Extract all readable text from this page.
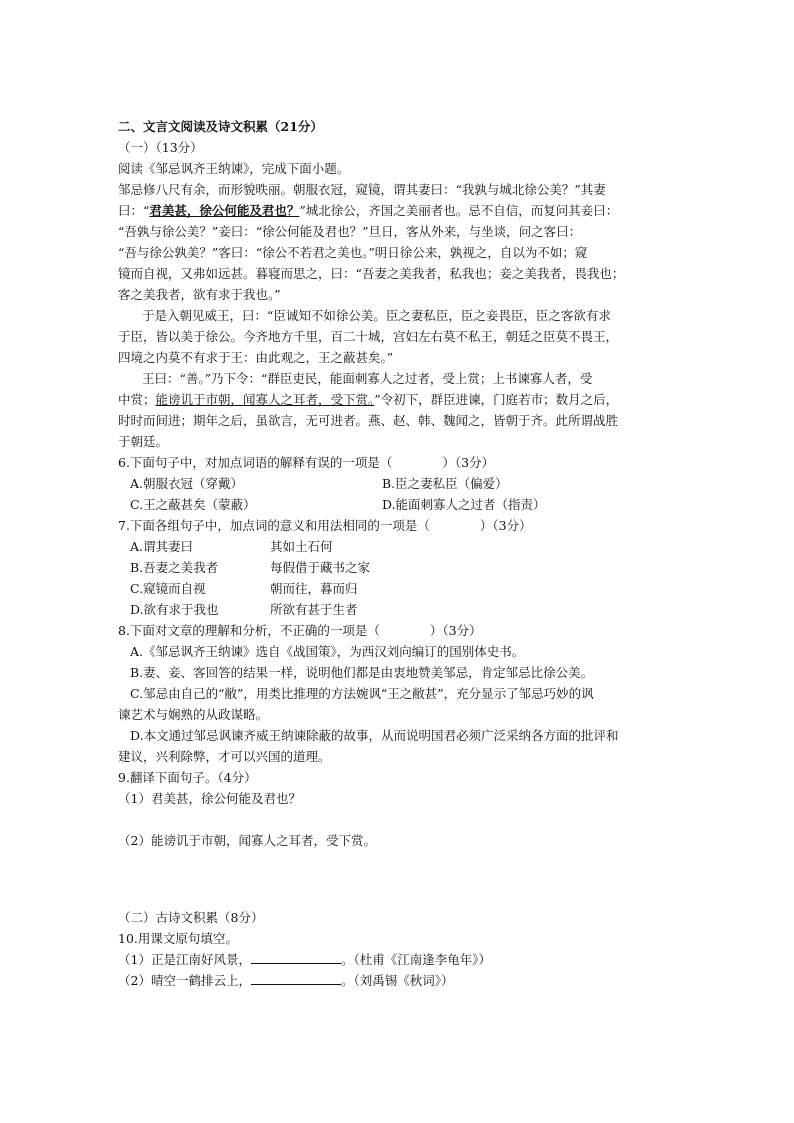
二、文言文阅读及诗文积累（21分）
（一）（13分）
阅读《邹忌讽齐王纳谏》，完成下面小题。
邹忌修八尺有余，而形貌昳丽。朝服衣冠，窥镜，谓其妻曰：“我孰与城北徐公美？”其妻
曰：“君美甚，徐公何能及君也？”城北徐公，齐国之美丽者也。忌不自信，而复问其妾曰：
“吾孰与徐公美？”妾曰：“徐公何能及君也？”旦日，客从外来，与坐谈，问之客曰：
“吾与徐公孰美？”客曰：“徐公不若君之美也。”明日徐公来，孰视之，自以为不如；窥
镜而自视，又弗如远甚。暮寝而思之，曰：“吾妻之美我者，私我也；妾之美我者，畏我也；
客之美我者，欲有求于我也。”
于是入朝见威王，曰：“臣诚知不如徐公美。臣之妻私臣，臣之妾畏臣，臣之客欲有求
于臣，皆以美于徐公。今齐地方千里，百二十城，宫妇左右莫不私王，朝廷之臣莫不畏王，
四境之内莫不有求于王：由此观之，王之蔽甚矣。”
王曰：“善。”乃下令：“群臣吏民，能面刺寡人之过者，受上赏；上书谏寡人者，受
中赏；能谤讥于市朝，闻寡人之耳者，受下赏。”令初下，群臣进谏，门庭若市；数月之后，
时时而间进；期年之后，虽欲言，无可进者。燕、赵、韩、魏闻之，皆朝于齐。此所谓战胜
于朝廷。
6.下面句子中，对加点词语的解释有误的一项是（　　　　）（3分）
A.朝服衣冠（穿戴）	B.臣之妻私臣（偏爱）
C.王之蔽甚矣（蒙蔽）	D.能面刺寡人之过者（指责）
7.下面各组句子中，加点词的意义和用法相同的一项是（　　　　）（3分）
A.谓其妻曰	其如土石何
B.吾妻之美我者	每假借于藏书之家
C.窥镜而自视	朝而往，暮而归
D.欲有求于我也	所欲有甚于生者
8.下面对文章的理解和分析，不正确的一项是（　　　　）（3分）
A.《邹忌讽齐王纳谏》选自《战国策》，为西汉刘向编订的国别体史书。
B.妻、妾、客回答的结果一样，说明他们都是由衷地赞美邹忌，肯定邹忌比徐公美。
C.邹忌由自己的“敝”，用类比推理的方法婉讽“王之敝甚”，充分显示了邹忌巧妙的讽
谏艺术与娴熟的从政谋略。
D.本文通过邹忌讽谏齐威王纳谏除蔽的故事，从而说明国君必须广泛采纳各方面的批评和
建议，兴利除弊，才可以兴国的道理。
9.翻译下面句子。（4分）
（1）君美甚，徐公何能及君也？
（2）能谤讥于市朝，闻寡人之耳者，受下赏。
（二）古诗文积累（8分）
10.用课文原句填空。
（1）正是江南好风景，	。（杜甫《江南逢李龟年》）
（2）晴空一鹤排云上，	。（刘禹锡《秋词》）
